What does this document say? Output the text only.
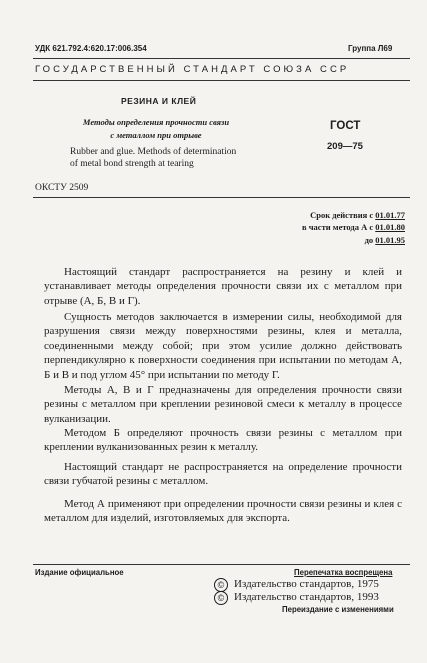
УДК 621.792.4:620.17:006.354	Группа Л69
ГОСУДАРСТВЕННЫЙ СТАНДАРТ СОЮЗА ССР
РЕЗИНА И КЛЕЙ
Методы определения прочности связи
с металлом при отрыве
Rubber and glue. Methods of determination
of metal bond strength at tearing
ГОСТ
209—75
ОКСТУ 2509
Срок действия с 01.01.77
в части метода А с 01.01.80
до 01.01.95

Настоящий стандарт распространяется на резину и клей и устанавливает методы определения прочности связи их с металлом при отрыве (А, Б, В и Г).

Сущность методов заключается в измерении силы, необходимой для разрушения связи между поверхностями резины, клея и металла, соединенными между собой; при этом усилие должно действовать перпендикулярно к поверхности соединения при испытании по методам А, Б и В и под углом 45° при испытании по методу Г.

Методы А, В и Г предназначены для определения прочности связи резины с металлом при креплении резиновой смеси к металлу в процессе вулканизации.

Методом Б определяют прочность связи резины с металлом при креплении вулканизованных резин к металлу.

Настоящий стандарт не распространяется на определение прочности связи губчатой резины с металлом.

Метод А применяют при определении прочности связи резины и клея с металлом для изделий, изготовляемых для экспорта.

Издание официальное	Перепечатка воспрещена
© Издательство стандартов, 1975
© Издательство стандартов, 1993
Переиздание с изменениями
